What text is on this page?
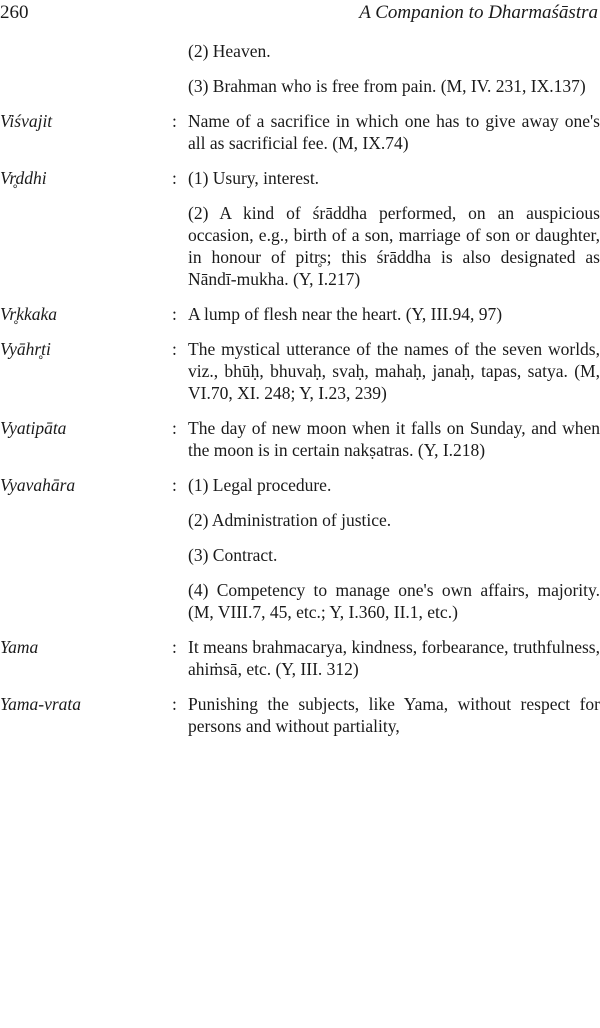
260	A Companion to Dharmaśāstra

(2) Heaven.

(3) Brahman who is free from pain. (M, IV. 231, IX.137)

Viśvajit	: Name of a sacrifice in which one has to give away one's all as sacrificial fee. (M, IX.74)

Vr̥ddhi	: (1) Usury, interest.

(2) A kind of śrāddha performed, on an auspicious occasion, e.g., birth of a son, marriage of son or daughter, in honour of pitr̥s; this śrāddha is also designated as Nāndī-mukha. (Y, I.217)

Vr̥kkaka	: A lump of flesh near the heart. (Y, III.94, 97)

Vyāhr̥ti	: The mystical utterance of the names of the seven worlds, viz., bhūḥ, bhuvaḥ, svaḥ, mahaḥ, janaḥ, tapas, satya. (M, VI.70, XI. 248; Y, I.23, 239)

Vyatipāta	: The day of new moon when it falls on Sunday, and when the moon is in certain nakṣatras. (Y, I.218)

Vyavahāra	: (1) Legal procedure.

(2) Administration of justice.

(3) Contract.

(4) Competency to manage one's own affairs, majority. (M, VIII.7, 45, etc.; Y, I.360, II.1, etc.)

Yama	: It means brahmacarya, kindness, forbearance, truthfulness, ahiṁsā, etc. (Y, III. 312)

Yama-vrata	: Punishing the subjects, like Yama, without respect for persons and without partiality,
